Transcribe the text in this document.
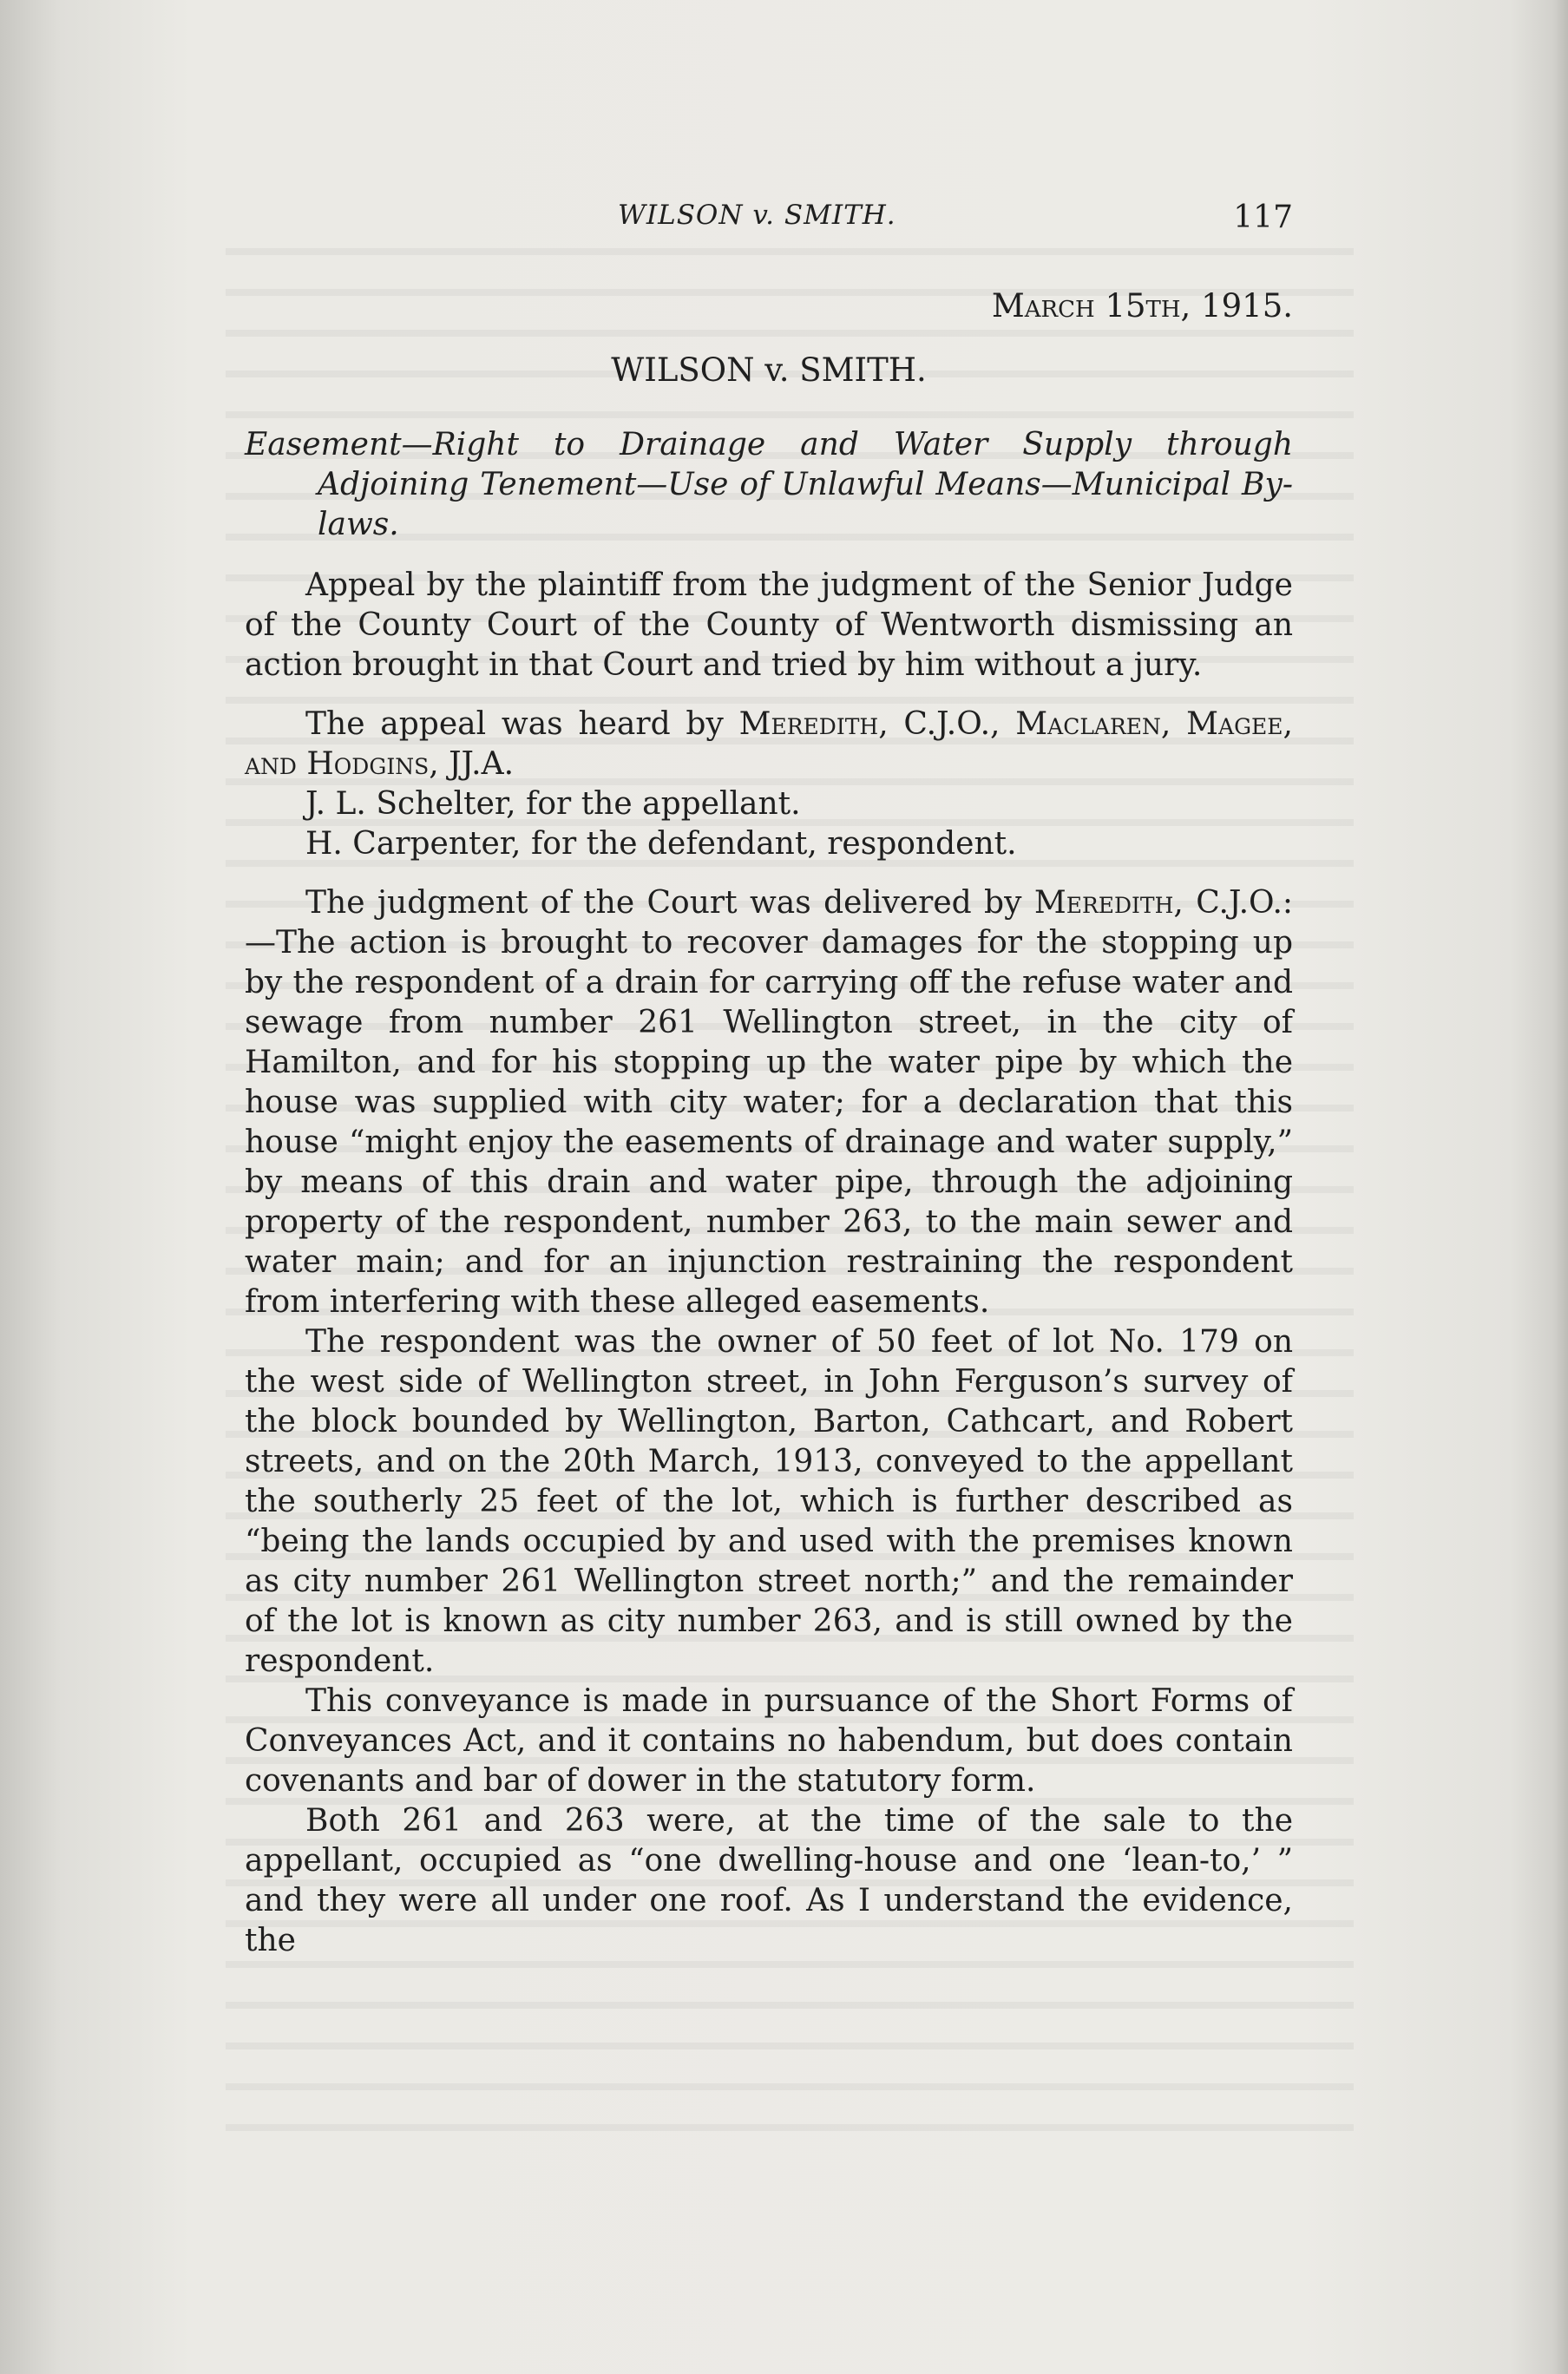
WILSON v. SMITH.	117
March 15th, 1915.
WILSON v. SMITH.
Easement—Right to Drainage and Water Supply through Adjoining Tenement—Use of Unlawful Means—Municipal By-laws.

Appeal by the plaintiff from the judgment of the Senior Judge of the County Court of the County of Wentworth dismissing an action brought in that Court and tried by him without a jury.

The appeal was heard by Meredith, C.J.O., Maclaren, Magee, and Hodgins, JJ.A.

J. L. Schelter, for the appellant.

H. Carpenter, for the defendant, respondent.

The judgment of the Court was delivered by Meredith, C.J.O.:—The action is brought to recover damages for the stopping up by the respondent of a drain for carrying off the refuse water and sewage from number 261 Wellington street, in the city of Hamilton, and for his stopping up the water pipe by which the house was supplied with city water; for a declaration that this house “might enjoy the easements of drainage and water supply,” by means of this drain and water pipe, through the adjoining property of the respondent, number 263, to the main sewer and water main; and for an injunction restraining the respondent from interfering with these alleged easements.

The respondent was the owner of 50 feet of lot No. 179 on the west side of Wellington street, in John Ferguson’s survey of the block bounded by Wellington, Barton, Cathcart, and Robert streets, and on the 20th March, 1913, conveyed to the appellant the southerly 25 feet of the lot, which is further described as “being the lands occupied by and used with the premises known as city number 261 Wellington street north;” and the remainder of the lot is known as city number 263, and is still owned by the respondent.

This conveyance is made in pursuance of the Short Forms of Conveyances Act, and it contains no habendum, but does contain covenants and bar of dower in the statutory form.

Both 261 and 263 were, at the time of the sale to the appellant, occupied as “one dwelling-house and one ‘lean-to,’ ” and they were all under one roof. As I understand the evidence, the
